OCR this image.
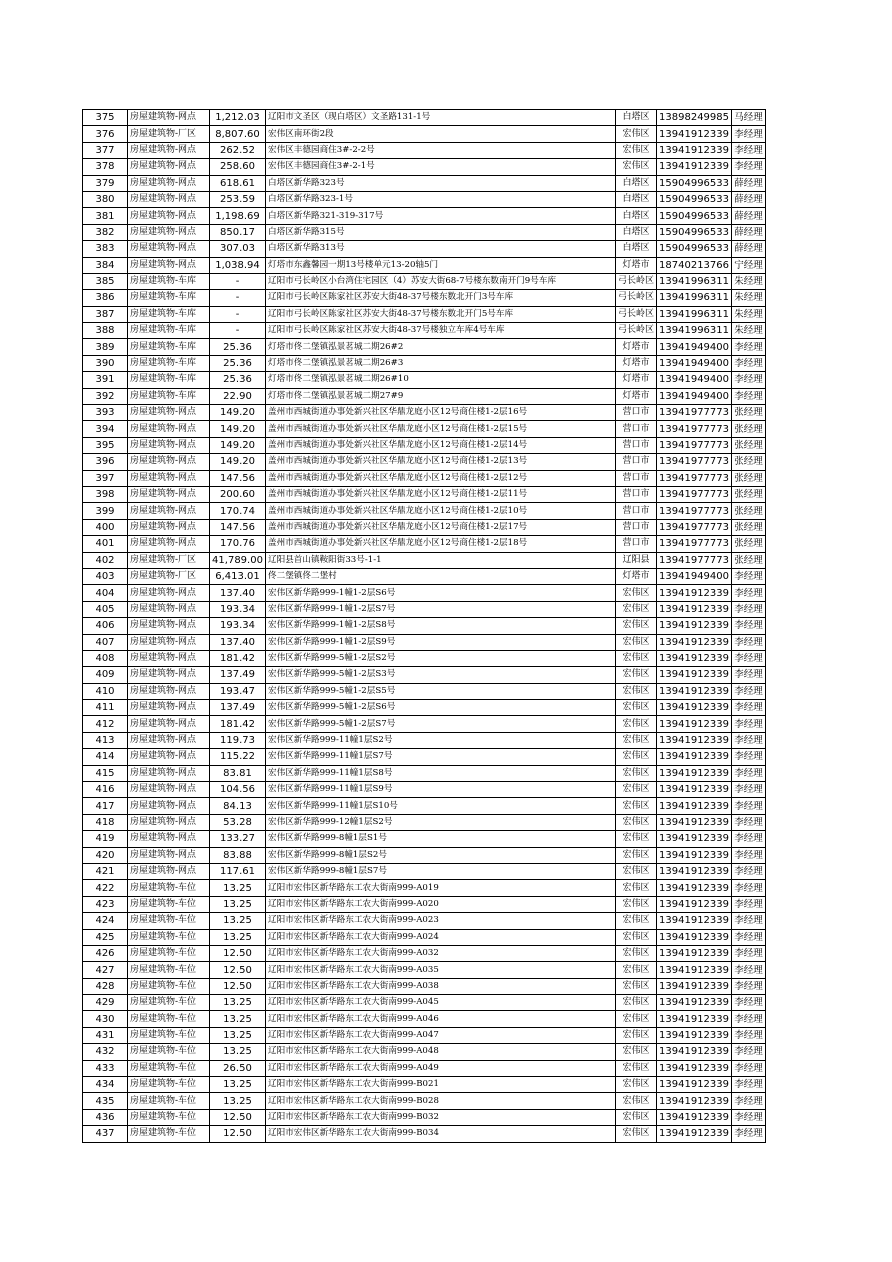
375	房屋建筑物-网点	1,212.03	辽阳市文圣区（现白塔区）文圣路131-1号	白塔区	13898249985	马经理
376	房屋建筑物-厂区	8,807.60	宏伟区南环街2段	宏伟区	13941912339	李经理
377	房屋建筑物-网点	262.52	宏伟区丰德园商住3#-2-2号	宏伟区	13941912339	李经理
378	房屋建筑物-网点	258.60	宏伟区丰德园商住3#-2-1号	宏伟区	13941912339	李经理
379	房屋建筑物-网点	618.61	白塔区新华路323号	白塔区	15904996533	薛经理
380	房屋建筑物-网点	253.59	白塔区新华路323-1号	白塔区	15904996533	薛经理
381	房屋建筑物-网点	1,198.69	白塔区新华路321-319-317号	白塔区	15904996533	薛经理
382	房屋建筑物-网点	850.17	白塔区新华路315号	白塔区	15904996533	薛经理
383	房屋建筑物-网点	307.03	白塔区新华路313号	白塔区	15904996533	薛经理
384	房屋建筑物-网点	1,038.94	灯塔市东鑫馨园一期13号楼单元13-20轴5门	灯塔市	18740213766	宁经理
385	房屋建筑物-车库	-	辽阳市弓长岭区小台湾住宅园区（4）苏安大街68-7号楼东数南开门9号车库	弓长岭区	13941996311	朱经理
386	房屋建筑物-车库	-	辽阳市弓长岭区陈家社区苏安大街48-37号楼东数北开门3号车库	弓长岭区	13941996311	朱经理
387	房屋建筑物-车库	-	辽阳市弓长岭区陈家社区苏安大街48-37号楼东数北开门5号车库	弓长岭区	13941996311	朱经理
388	房屋建筑物-车库	-	辽阳市弓长岭区陈家社区苏安大街48-37号楼独立车库4号车库	弓长岭区	13941996311	朱经理
389	房屋建筑物-车库	25.36	灯塔市佟二堡镇泓景茗城二期26#2	灯塔市	13941949400	李经理
390	房屋建筑物-车库	25.36	灯塔市佟二堡镇泓景茗城二期26#3	灯塔市	13941949400	李经理
391	房屋建筑物-车库	25.36	灯塔市佟二堡镇泓景茗城二期26#10	灯塔市	13941949400	李经理
392	房屋建筑物-车库	22.90	灯塔市佟二堡镇泓景茗城二期27#9	灯塔市	13941949400	李经理
393	房屋建筑物-网点	149.20	盖州市西城街道办事处新兴社区华鼎龙庭小区12号商住楼1-2层16号	营口市	13941977773	张经理
394	房屋建筑物-网点	149.20	盖州市西城街道办事处新兴社区华鼎龙庭小区12号商住楼1-2层15号	营口市	13941977773	张经理
395	房屋建筑物-网点	149.20	盖州市西城街道办事处新兴社区华鼎龙庭小区12号商住楼1-2层14号	营口市	13941977773	张经理
396	房屋建筑物-网点	149.20	盖州市西城街道办事处新兴社区华鼎龙庭小区12号商住楼1-2层13号	营口市	13941977773	张经理
397	房屋建筑物-网点	147.56	盖州市西城街道办事处新兴社区华鼎龙庭小区12号商住楼1-2层12号	营口市	13941977773	张经理
398	房屋建筑物-网点	200.60	盖州市西城街道办事处新兴社区华鼎龙庭小区12号商住楼1-2层11号	营口市	13941977773	张经理
399	房屋建筑物-网点	170.74	盖州市西城街道办事处新兴社区华鼎龙庭小区12号商住楼1-2层10号	营口市	13941977773	张经理
400	房屋建筑物-网点	147.56	盖州市西城街道办事处新兴社区华鼎龙庭小区12号商住楼1-2层17号	营口市	13941977773	张经理
401	房屋建筑物-网点	170.76	盖州市西城街道办事处新兴社区华鼎龙庭小区12号商住楼1-2层18号	营口市	13941977773	张经理
402	房屋建筑物-厂区	41,789.00	辽阳县首山镇鞍阳街33号-1-1	辽阳县	13941977773	张经理
403	房屋建筑物-厂区	6,413.01	佟二堡镇佟二堡村	灯塔市	13941949400	李经理
404	房屋建筑物-网点	137.40	宏伟区新华路999-1幢1-2层S6号	宏伟区	13941912339	李经理
405	房屋建筑物-网点	193.34	宏伟区新华路999-1幢1-2层S7号	宏伟区	13941912339	李经理
406	房屋建筑物-网点	193.34	宏伟区新华路999-1幢1-2层S8号	宏伟区	13941912339	李经理
407	房屋建筑物-网点	137.40	宏伟区新华路999-1幢1-2层S9号	宏伟区	13941912339	李经理
408	房屋建筑物-网点	181.42	宏伟区新华路999-5幢1-2层S2号	宏伟区	13941912339	李经理
409	房屋建筑物-网点	137.49	宏伟区新华路999-5幢1-2层S3号	宏伟区	13941912339	李经理
410	房屋建筑物-网点	193.47	宏伟区新华路999-5幢1-2层S5号	宏伟区	13941912339	李经理
411	房屋建筑物-网点	137.49	宏伟区新华路999-5幢1-2层S6号	宏伟区	13941912339	李经理
412	房屋建筑物-网点	181.42	宏伟区新华路999-5幢1-2层S7号	宏伟区	13941912339	李经理
413	房屋建筑物-网点	119.73	宏伟区新华路999-11幢1层S2号	宏伟区	13941912339	李经理
414	房屋建筑物-网点	115.22	宏伟区新华路999-11幢1层S7号	宏伟区	13941912339	李经理
415	房屋建筑物-网点	83.81	宏伟区新华路999-11幢1层S8号	宏伟区	13941912339	李经理
416	房屋建筑物-网点	104.56	宏伟区新华路999-11幢1层S9号	宏伟区	13941912339	李经理
417	房屋建筑物-网点	84.13	宏伟区新华路999-11幢1层S10号	宏伟区	13941912339	李经理
418	房屋建筑物-网点	53.28	宏伟区新华路999-12幢1层S2号	宏伟区	13941912339	李经理
419	房屋建筑物-网点	133.27	宏伟区新华路999-8幢1层S1号	宏伟区	13941912339	李经理
420	房屋建筑物-网点	83.88	宏伟区新华路999-8幢1层S2号	宏伟区	13941912339	李经理
421	房屋建筑物-网点	117.61	宏伟区新华路999-8幢1层S7号	宏伟区	13941912339	李经理
422	房屋建筑物-车位	13.25	辽阳市宏伟区新华路东工农大街南999-A019	宏伟区	13941912339	李经理
423	房屋建筑物-车位	13.25	辽阳市宏伟区新华路东工农大街南999-A020	宏伟区	13941912339	李经理
424	房屋建筑物-车位	13.25	辽阳市宏伟区新华路东工农大街南999-A023	宏伟区	13941912339	李经理
425	房屋建筑物-车位	13.25	辽阳市宏伟区新华路东工农大街南999-A024	宏伟区	13941912339	李经理
426	房屋建筑物-车位	12.50	辽阳市宏伟区新华路东工农大街南999-A032	宏伟区	13941912339	李经理
427	房屋建筑物-车位	12.50	辽阳市宏伟区新华路东工农大街南999-A035	宏伟区	13941912339	李经理
428	房屋建筑物-车位	12.50	辽阳市宏伟区新华路东工农大街南999-A038	宏伟区	13941912339	李经理
429	房屋建筑物-车位	13.25	辽阳市宏伟区新华路东工农大街南999-A045	宏伟区	13941912339	李经理
430	房屋建筑物-车位	13.25	辽阳市宏伟区新华路东工农大街南999-A046	宏伟区	13941912339	李经理
431	房屋建筑物-车位	13.25	辽阳市宏伟区新华路东工农大街南999-A047	宏伟区	13941912339	李经理
432	房屋建筑物-车位	13.25	辽阳市宏伟区新华路东工农大街南999-A048	宏伟区	13941912339	李经理
433	房屋建筑物-车位	26.50	辽阳市宏伟区新华路东工农大街南999-A049	宏伟区	13941912339	李经理
434	房屋建筑物-车位	13.25	辽阳市宏伟区新华路东工农大街南999-B021	宏伟区	13941912339	李经理
435	房屋建筑物-车位	13.25	辽阳市宏伟区新华路东工农大街南999-B028	宏伟区	13941912339	李经理
436	房屋建筑物-车位	12.50	辽阳市宏伟区新华路东工农大街南999-B032	宏伟区	13941912339	李经理
437	房屋建筑物-车位	12.50	辽阳市宏伟区新华路东工农大街南999-B034	宏伟区	13941912339	李经理
